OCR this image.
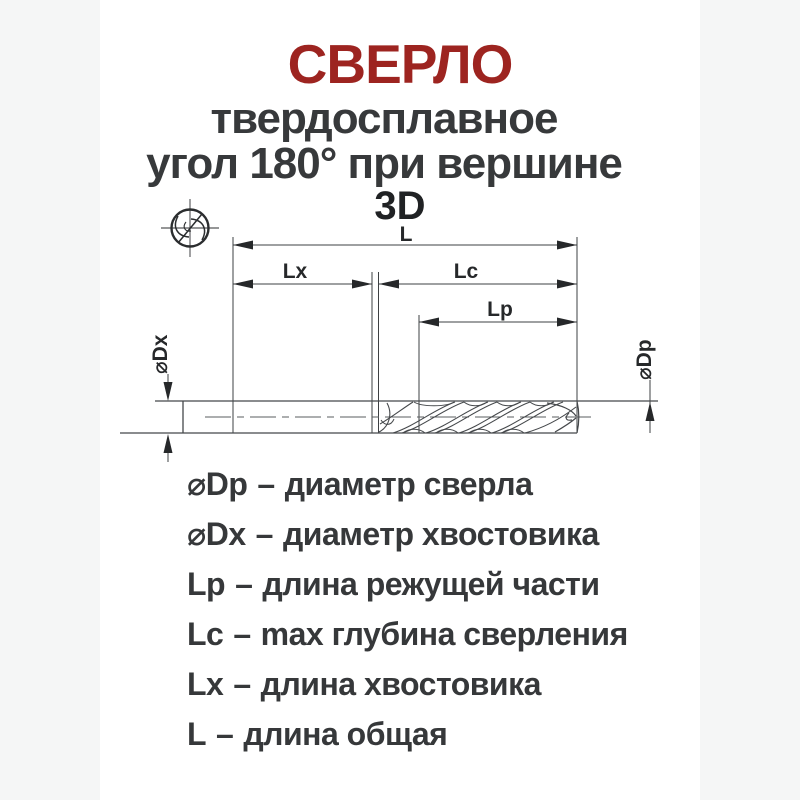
СВЕРЛО
твердосплавное
угол 180° при вершине
3D
L
Lx	Lc
Lp
⌀Dx	⌀Dp
⌀Dp – диаметр сверла
⌀Dx – диаметр хвостовика
Lp – длина режущей части
Lc – max глубина сверления
Lx – длина хвостовика
L – длина общая
